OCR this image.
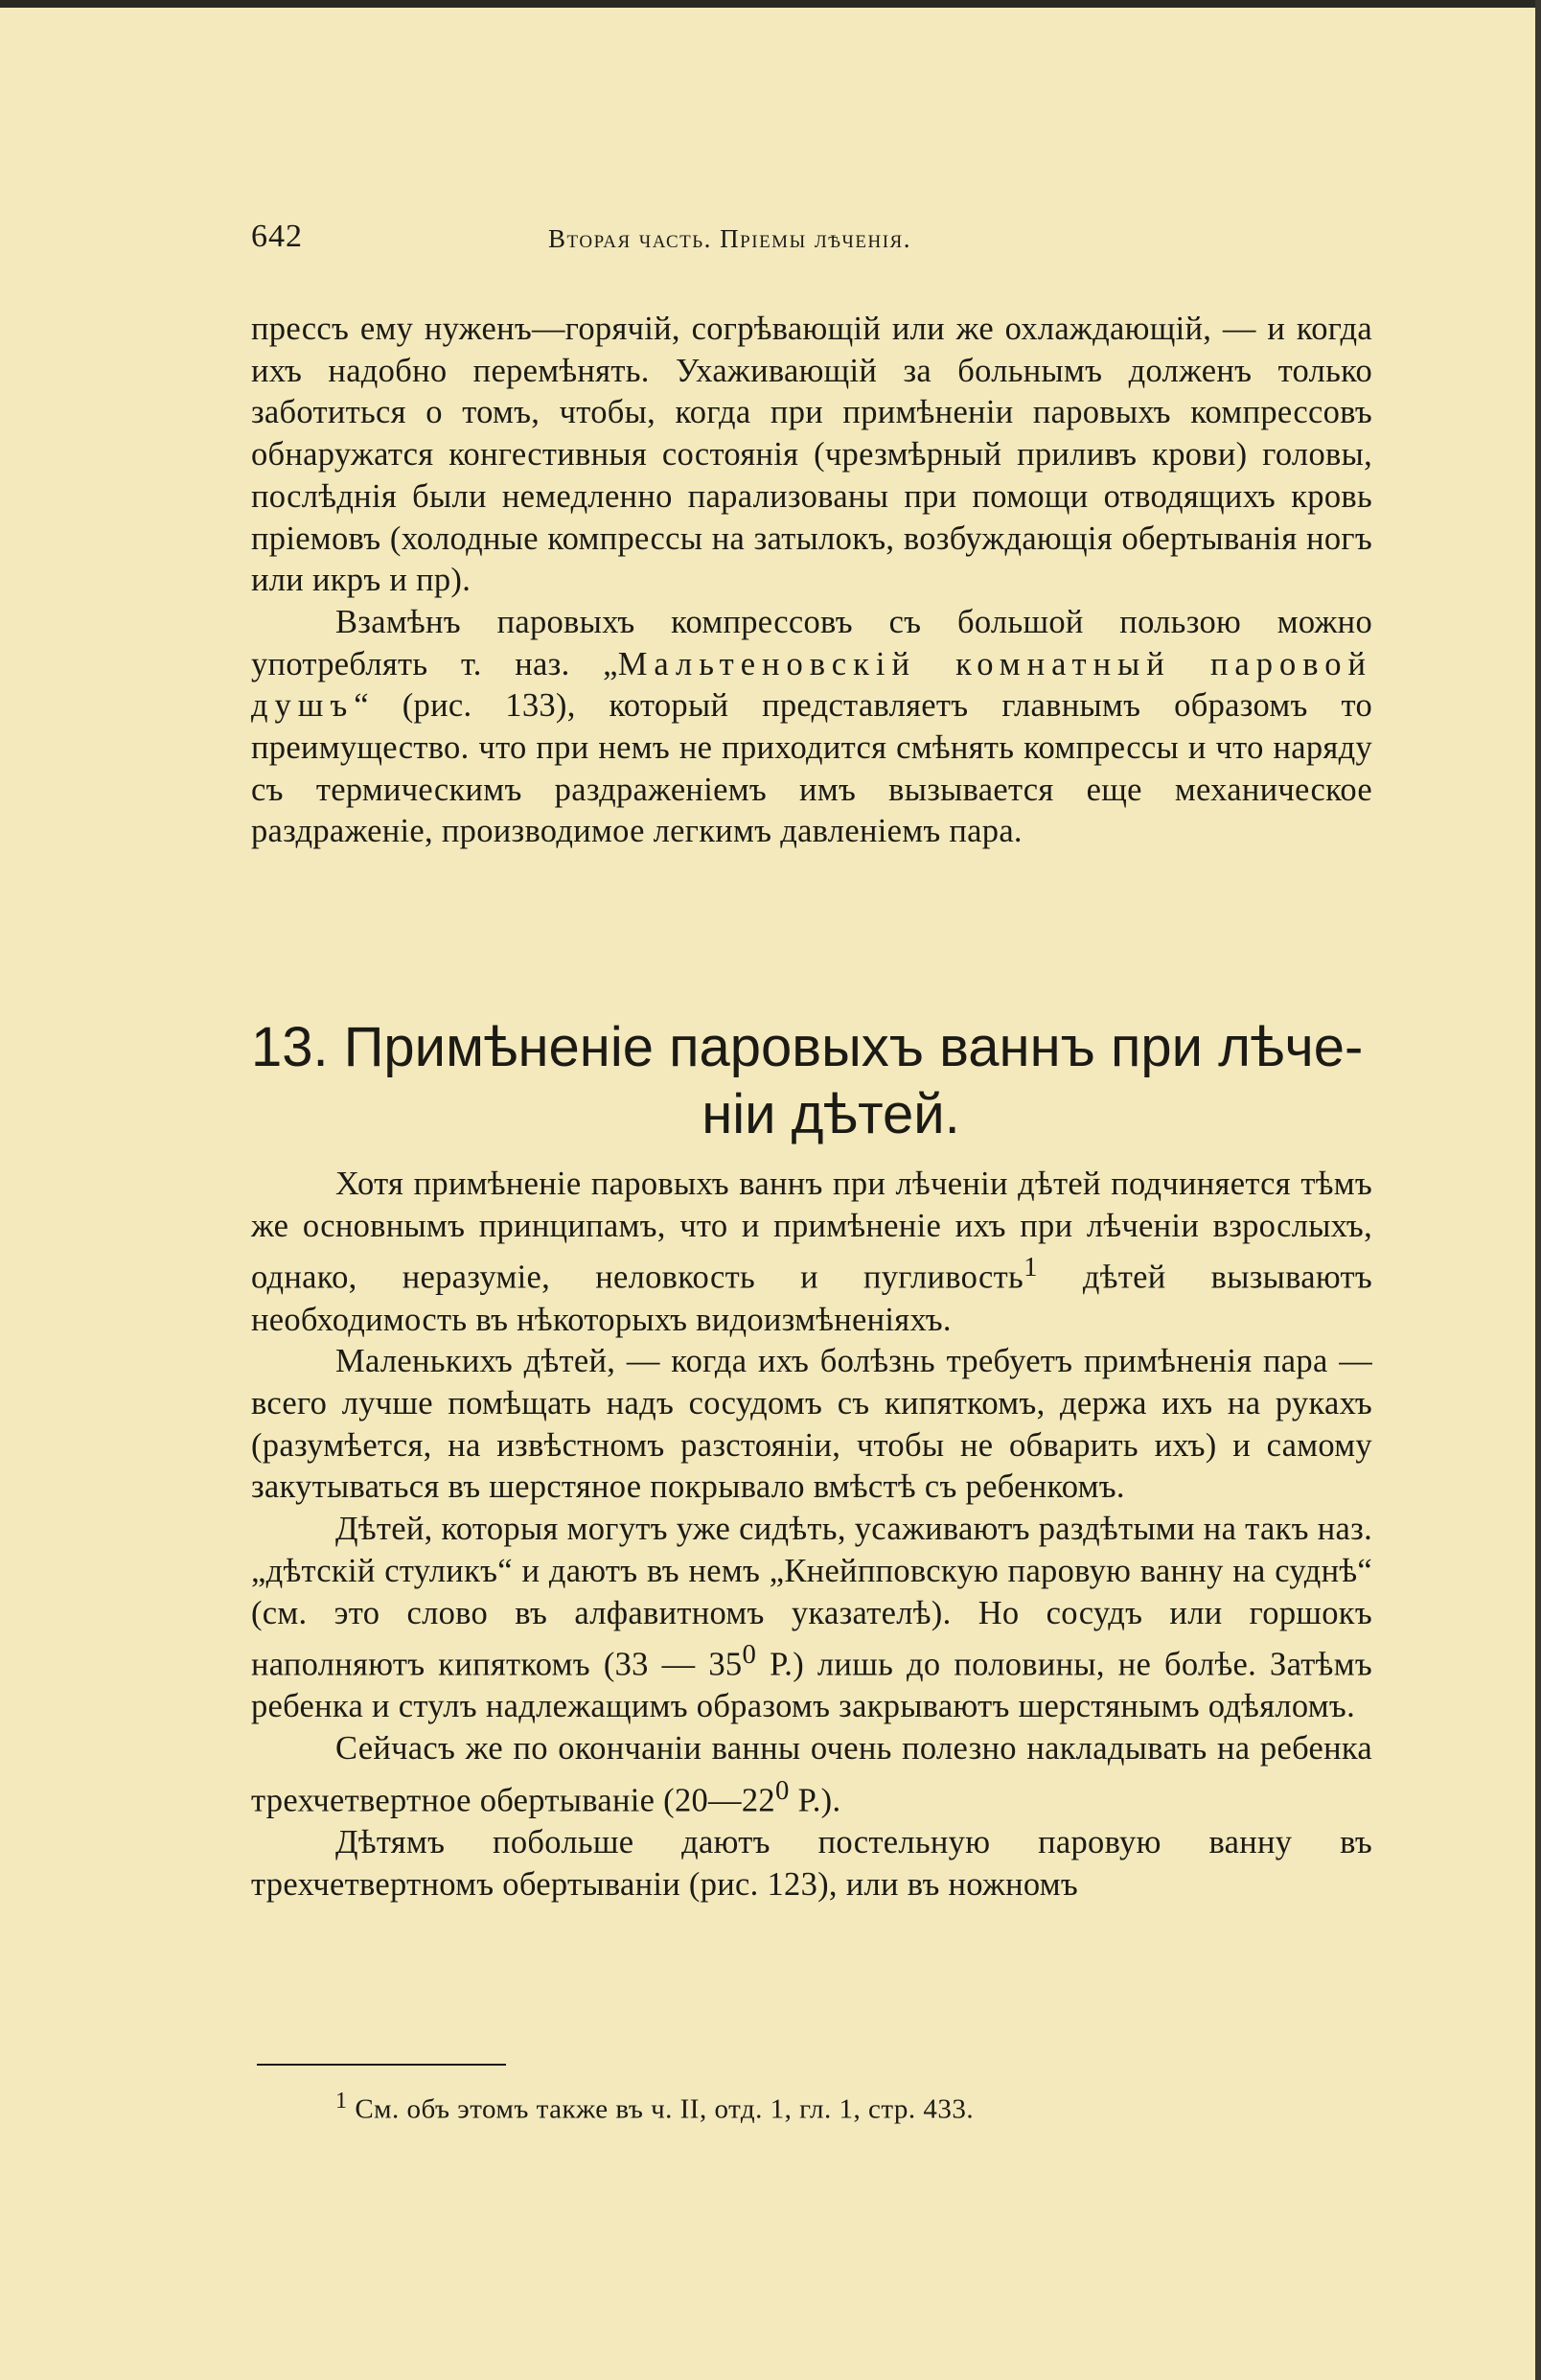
642	Вторая часть. Пріемы лѣченія.

прессъ ему нуженъ—горячій, согрѣвающій или же охлаждающій, — и когда ихъ надобно перемѣнять. Ухаживающій за больнымъ долженъ только заботиться о томъ, чтобы, когда при примѣненіи паровыхъ компрессовъ обнаружатся конгестивныя состоянія (чрезмѣрный приливъ крови) головы, послѣднія были немедленно парализованы при помощи отводящихъ кровь пріемовъ (холодные компрессы на затылокъ, возбуждающія обертыванія ногъ или икръ и пр).

Взамѣнъ паровыхъ компрессовъ съ большой пользою можно употреблять т. наз. „Мальтеновскій комнатный паровой душъ“ (рис. 133), который представляетъ главнымъ образомъ то преимущество. что при немъ не приходится смѣнять компрессы и что наряду съ термическимъ раздраженіемъ имъ вызывается еще механическое раздраженіе, производимое легкимъ давленіемъ пара.

13. Примѣненіе паровыхъ ваннъ при лѣче-
ніи дѣтей.

Хотя примѣненіе паровыхъ ваннъ при лѣченіи дѣтей подчиняется тѣмъ же основнымъ принципамъ, что и примѣненіе ихъ при лѣченіи взрослыхъ, однако, неразуміе, неловкость и пугливость$^1$ дѣтей вызываютъ необходимость въ нѣкоторыхъ видоизмѣненіяхъ.

Маленькихъ дѣтей, — когда ихъ болѣзнь требуетъ примѣненія пара — всего лучше помѣщать надъ сосудомъ съ кипяткомъ, держа ихъ на рукахъ (разумѣется, на извѣстномъ разстояніи, чтобы не обварить ихъ) и самому закутываться въ шерстяное покрывало вмѣстѣ съ ребенкомъ.

Дѣтей, которыя могутъ уже сидѣть, усаживаютъ раздѣтыми на такъ наз. „дѣтскій стуликъ“ и даютъ въ немъ „Кнейпповскую паровую ванну на суднѣ“ (см. это слово въ алфавитномъ указателѣ). Но сосудъ или горшокъ наполняютъ кипяткомъ (33 — $35^0$ Р.) лишь до половины, не болѣе. Затѣмъ ребенка и стулъ надлежащимъ образомъ закрываютъ шерстянымъ одѣяломъ.

Сейчасъ же по окончаніи ванны очень полезно накладывать на ребенка трехчетвертное обертываніе ($20—22^0$ Р.).

Дѣтямъ побольше даютъ постельную паровую ванну въ трехчетвертномъ обертываніи (рис. 123), или въ ножномъ

$^1$ См. объ этомъ также въ ч. II, отд. 1, гл. 1, стр. 433.
